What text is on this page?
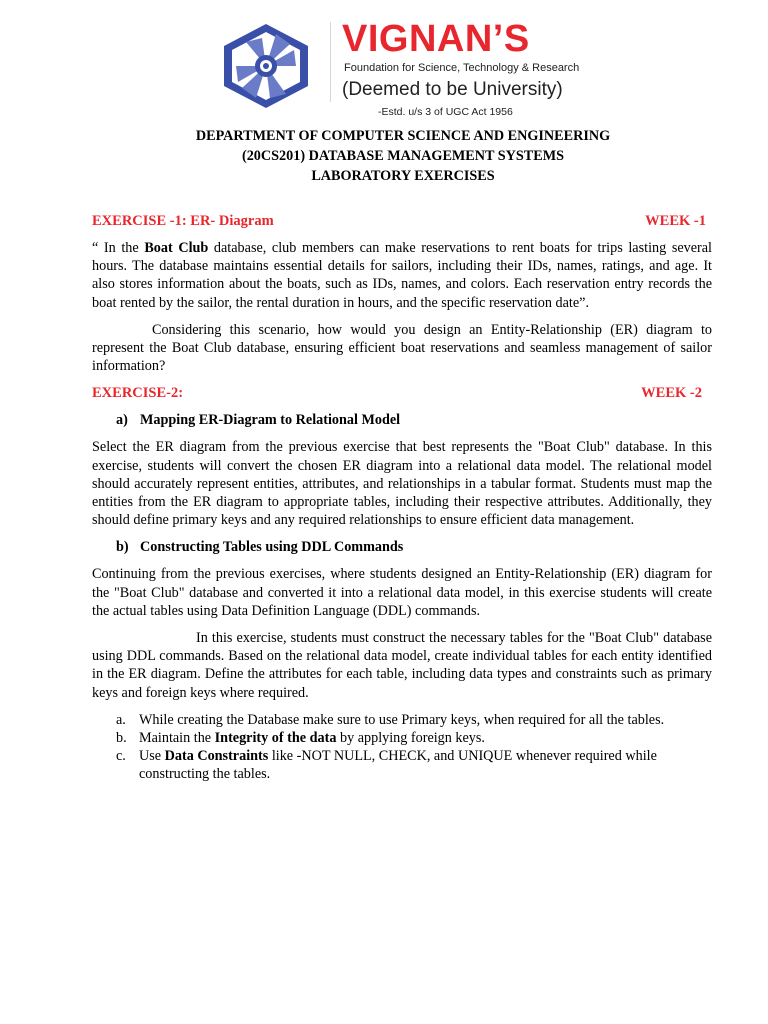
VIGNAN’S
Foundation for Science, Technology & Research
(Deemed to be University)
-Estd. u/s 3 of UGC Act 1956
DEPARTMENT OF COMPUTER SCIENCE AND ENGINEERING
(20CS201) DATABASE MANAGEMENT SYSTEMS
LABORATORY EXERCISES
EXERCISE -1: ER- Diagram	WEEK -1

“ In the Boat Club database, club members can make reservations to rent boats for trips lasting several hours. The database maintains essential details for sailors, including their IDs, names, ratings, and age. It also stores information about the boats, such as IDs, names, and colors. Each reservation entry records the boat rented by the sailor, the rental duration in hours, and the specific reservation date”.

Considering this scenario, how would you design an Entity-Relationship (ER) diagram to represent the Boat Club database, ensuring efficient boat reservations and seamless management of sailor information?

EXERCISE-2:	WEEK -2
a) Mapping ER-Diagram to Relational Model

Select the ER diagram from the previous exercise that best represents the "Boat Club" database. In this exercise, students will convert the chosen ER diagram into a relational data model. The relational model should accurately represent entities, attributes, and relationships in a tabular format. Students must map the entities from the ER diagram to appropriate tables, including their respective attributes. Additionally, they should define primary keys and any required relationships to ensure efficient data management.

b) Constructing Tables using DDL Commands

Continuing from the previous exercises, where students designed an Entity-Relationship (ER) diagram for the "Boat Club" database and converted it into a relational data model, in this exercise students will create the actual tables using Data Definition Language (DDL) commands.

In this exercise, students must construct the necessary tables for the "Boat Club" database using DDL commands. Based on the relational data model, create individual tables for each entity identified in the ER diagram. Define the attributes for each table, including data types and constraints such as primary keys and foreign keys where required.

a. While creating the Database make sure to use Primary keys, when required for all the tables.
b. Maintain the Integrity of the data by applying foreign keys.
c. Use Data Constraints like -NOT NULL, CHECK, and UNIQUE whenever required while constructing the tables.
